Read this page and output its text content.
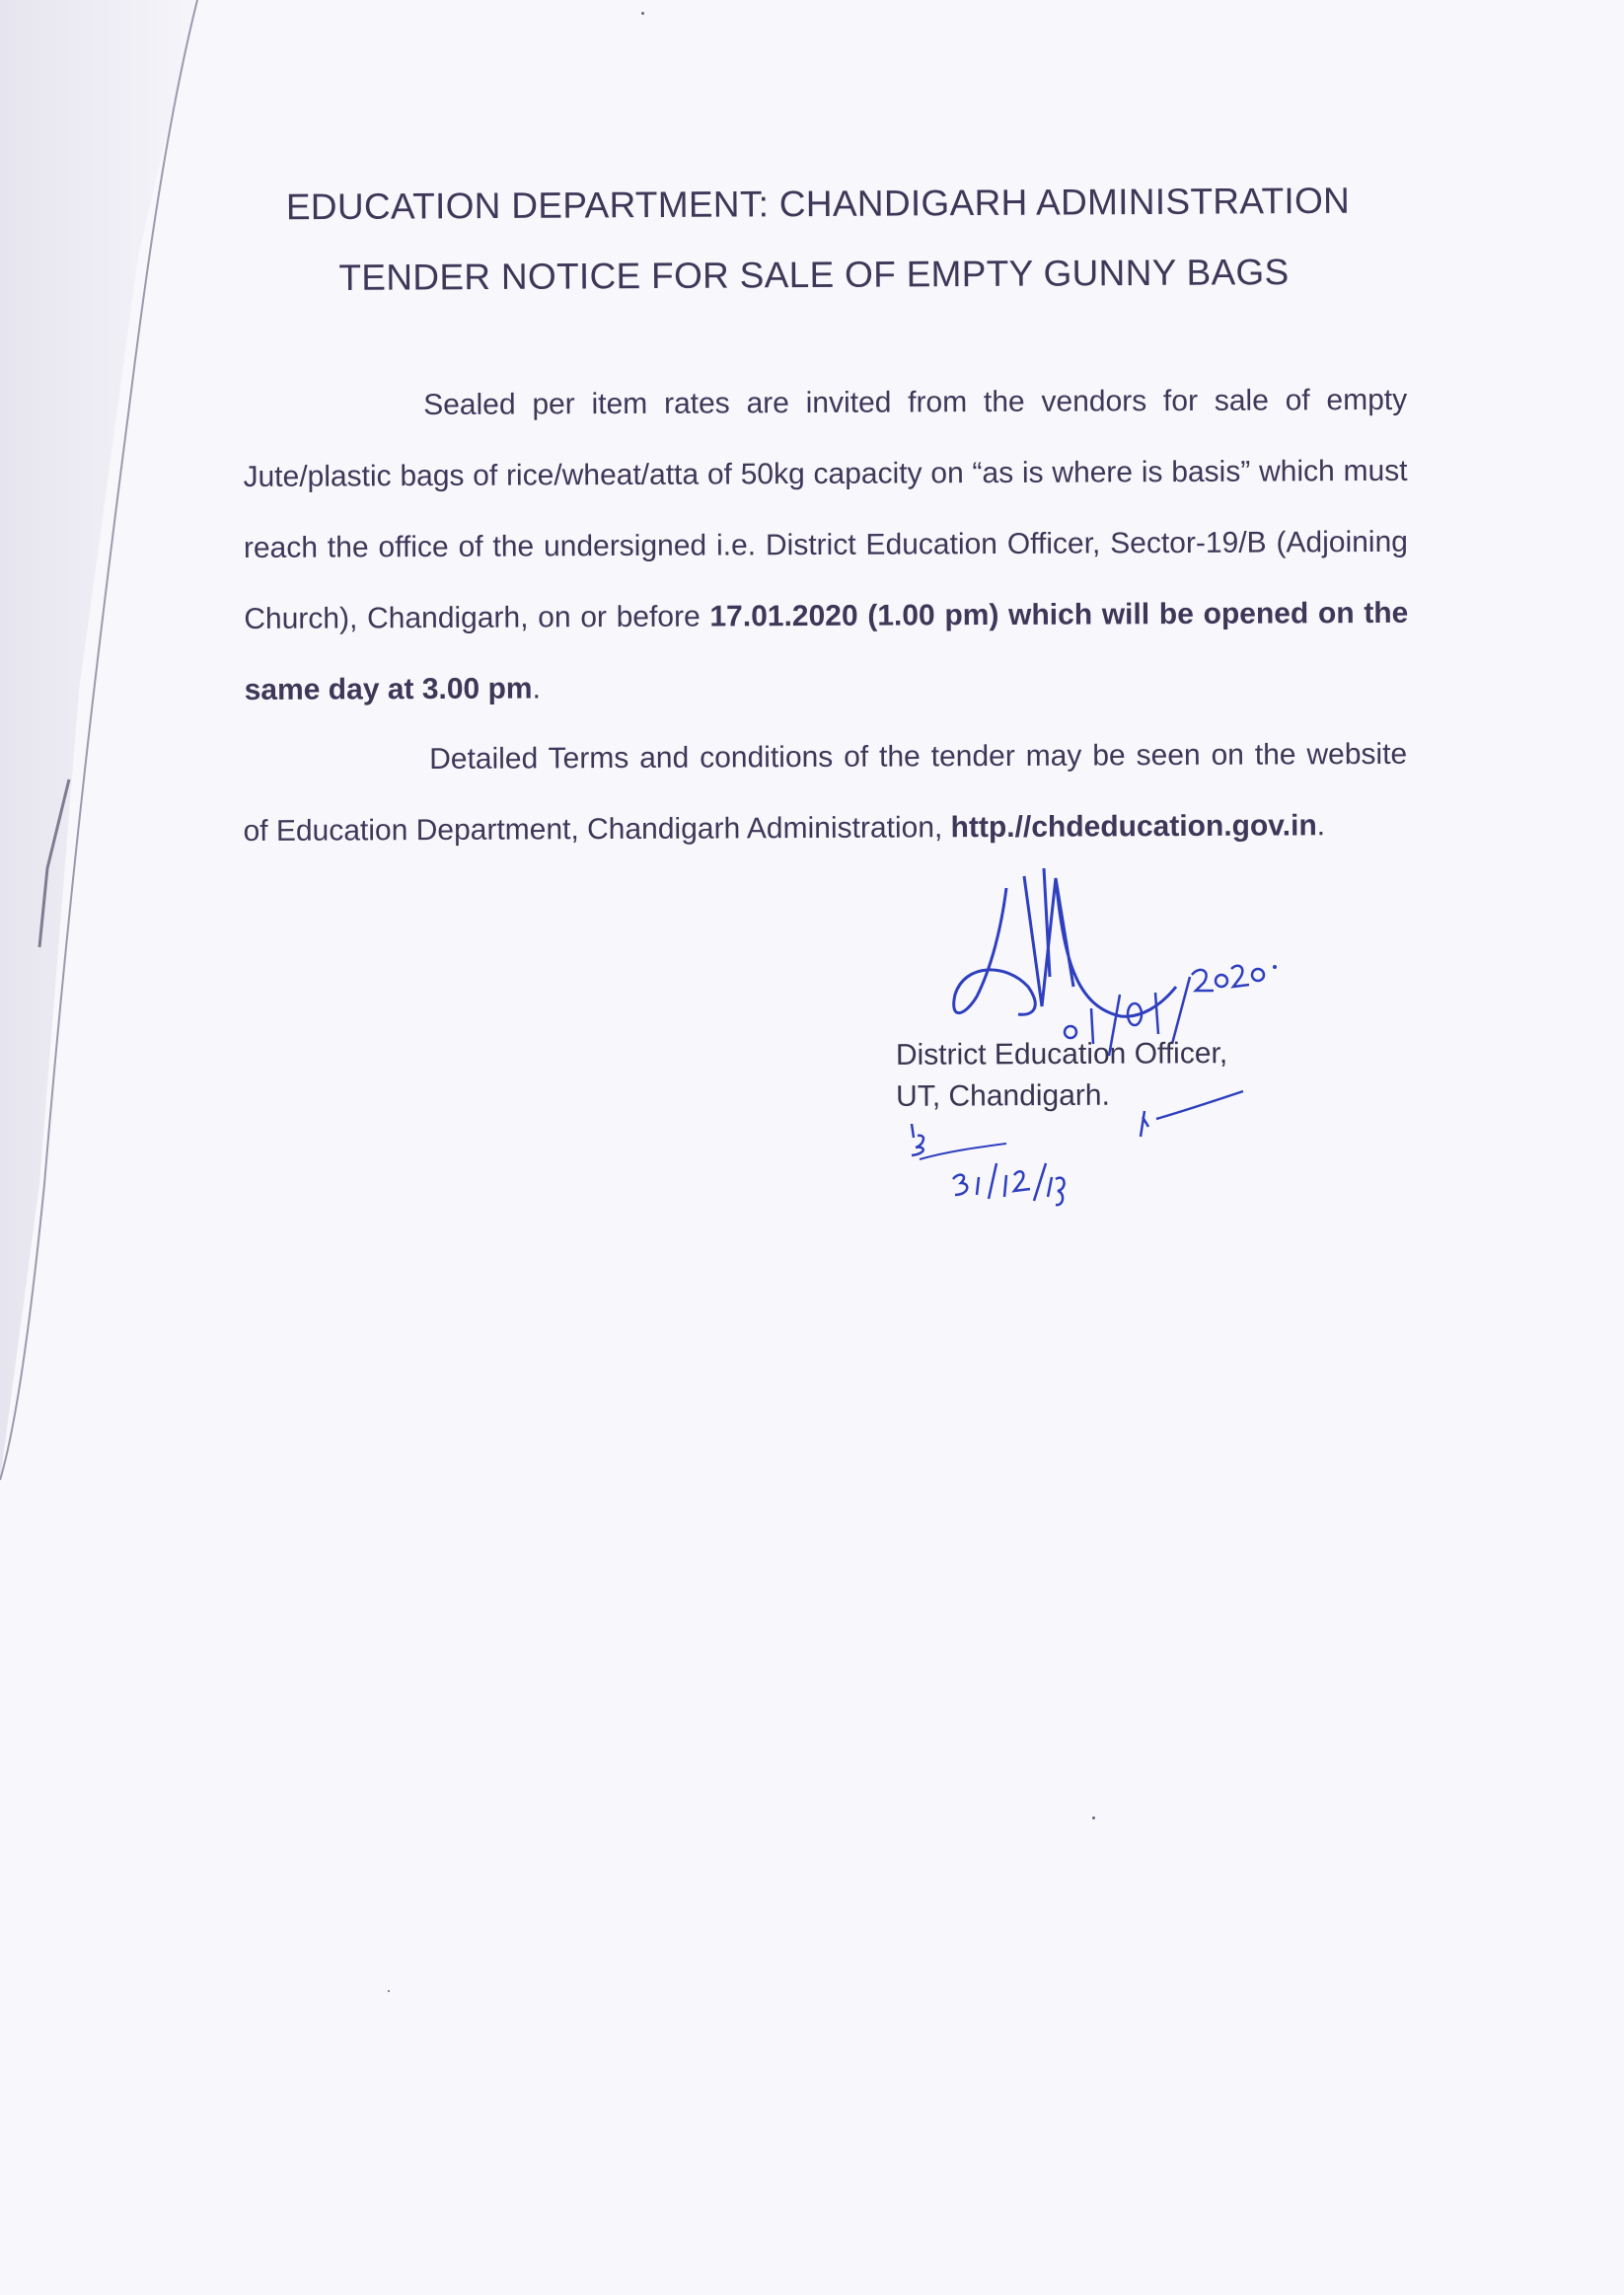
EDUCATION DEPARTMENT: CHANDIGARH ADMINISTRATION
TENDER NOTICE FOR SALE OF EMPTY GUNNY BAGS
Sealed per item rates are invited from the vendors for sale of empty Jute/plastic bags of rice/wheat/atta of 50kg capacity on “as is where is basis” which must reach the office of the undersigned i.e. District Education Officer, Sector-19/B (Adjoining Church), Chandigarh, on or before 17.01.2020 (1.00 pm) which will be opened on the same day at 3.00 pm.
Detailed Terms and conditions of the tender may be seen on the website of Education Department, Chandigarh Administration, http.//chdeducation.gov.in.
District Education Officer,
UT, Chandigarh.
